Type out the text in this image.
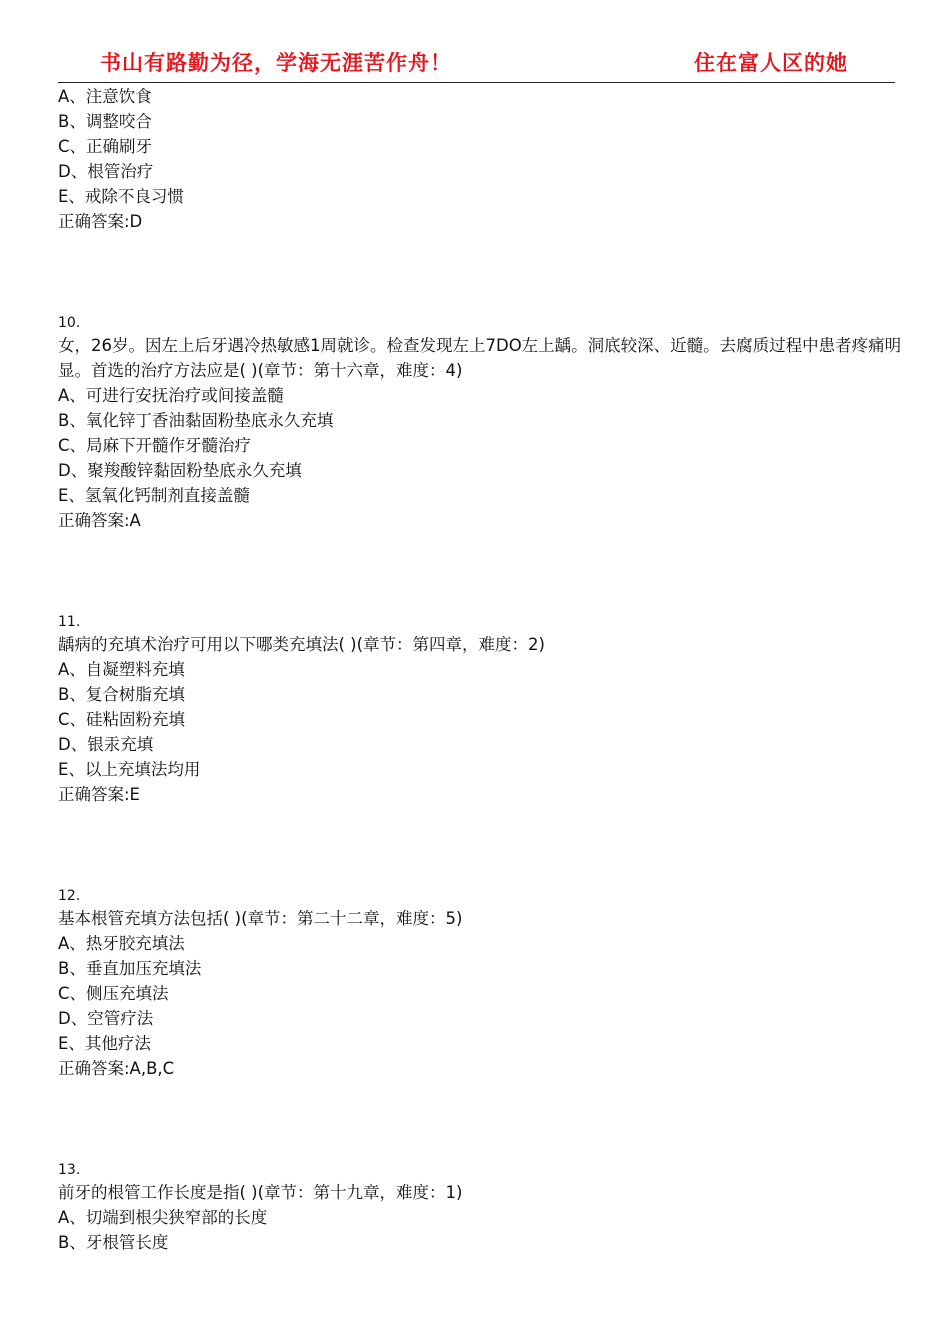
书山有路勤为径，学海无涯苦作舟！	住在富人区的她
A、注意饮食
B、调整咬合
C、正确刷牙
D、根管治疗
E、戒除不良习惯
正确答案:D
10.
女，26岁。因左上后牙遇冷热敏感1周就诊。检查发现左上7DO左上龋。洞底较深、近髓。去腐质过程中患者疼痛明显。首选的治疗方法应是( )(章节：第十六章，难度：4)
A、可进行安抚治疗或间接盖髓
B、氧化锌丁香油黏固粉垫底永久充填
C、局麻下开髓作牙髓治疗
D、聚羧酸锌黏固粉垫底永久充填
E、氢氧化钙制剂直接盖髓
正确答案:A
11.
龋病的充填术治疗可用以下哪类充填法( )(章节：第四章，难度：2)
A、自凝塑料充填
B、复合树脂充填
C、硅粘固粉充填
D、银汞充填
E、以上充填法均用
正确答案:E
12.
基本根管充填方法包括( )(章节：第二十二章，难度：5)
A、热牙胶充填法
B、垂直加压充填法
C、侧压充填法
D、空管疗法
E、其他疗法
正确答案:A,B,C
13.
前牙的根管工作长度是指( )(章节：第十九章，难度：1)
A、切端到根尖狭窄部的长度
B、牙根管长度
